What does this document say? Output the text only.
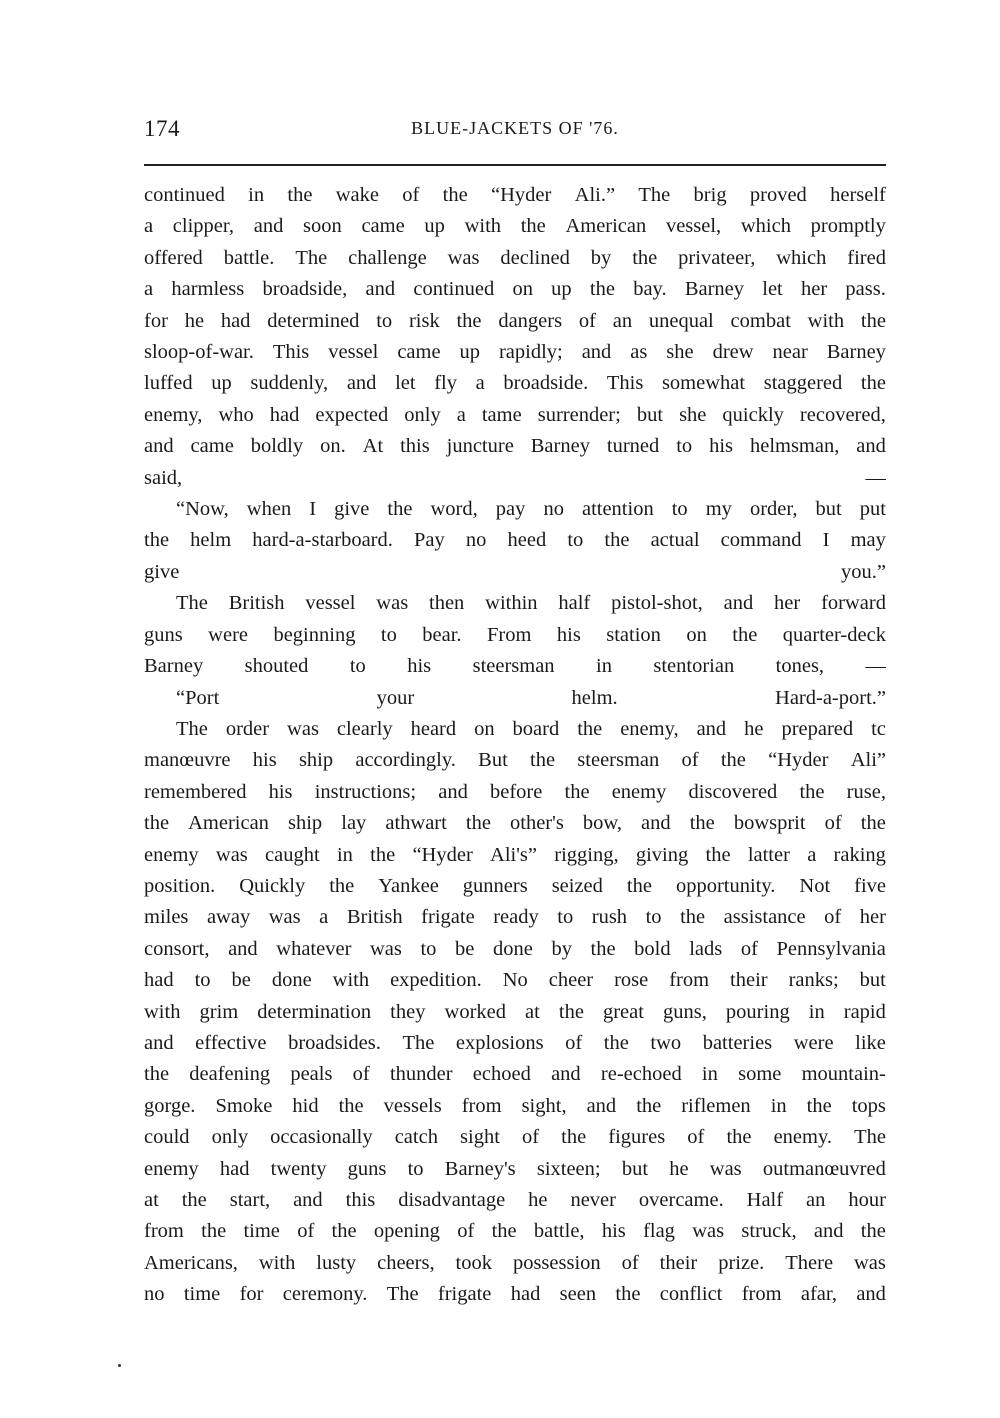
174	BLUE-JACKETS OF '76.
continued in the wake of the “Hyder Ali.” The brig proved herself
a clipper, and soon came up with the American vessel, which promptly
offered battle. The challenge was declined by the privateer, which fired
a harmless broadside, and continued on up the bay. Barney let her pass.
for he had determined to risk the dangers of an unequal combat with the
sloop-of-war. This vessel came up rapidly; and as she drew near Barney
luffed up suddenly, and let fly a broadside. This somewhat staggered the
enemy, who had expected only a tame surrender; but she quickly recovered,
and came boldly on. At this juncture Barney turned to his helmsman, and
said, —
“Now, when I give the word, pay no attention to my order, but put
the helm hard-a-starboard. Pay no heed to the actual command I may
give you.”
The British vessel was then within half pistol-shot, and her forward
guns were beginning to bear. From his station on the quarter-deck
Barney shouted to his steersman in stentorian tones, —
“Port your helm. Hard-a-port.”
The order was clearly heard on board the enemy, and he prepared tc
manœuvre his ship accordingly. But the steersman of the “Hyder Ali”
remembered his instructions; and before the enemy discovered the ruse,
the American ship lay athwart the other's bow, and the bowsprit of the
enemy was caught in the “Hyder Ali's” rigging, giving the latter a raking
position. Quickly the Yankee gunners seized the opportunity. Not five
miles away was a British frigate ready to rush to the assistance of her
consort, and whatever was to be done by the bold lads of Pennsylvania
had to be done with expedition. No cheer rose from their ranks; but
with grim determination they worked at the great guns, pouring in rapid
and effective broadsides. The explosions of the two batteries were like
the deafening peals of thunder echoed and re-echoed in some mountain-
gorge. Smoke hid the vessels from sight, and the riflemen in the tops
could only occasionally catch sight of the figures of the enemy. The
enemy had twenty guns to Barney's sixteen; but he was outmanœuvred
at the start, and this disadvantage he never overcame. Half an hour
from the time of the opening of the battle, his flag was struck, and the
Americans, with lusty cheers, took possession of their prize. There was
no time for ceremony. The frigate had seen the conflict from afar, and
